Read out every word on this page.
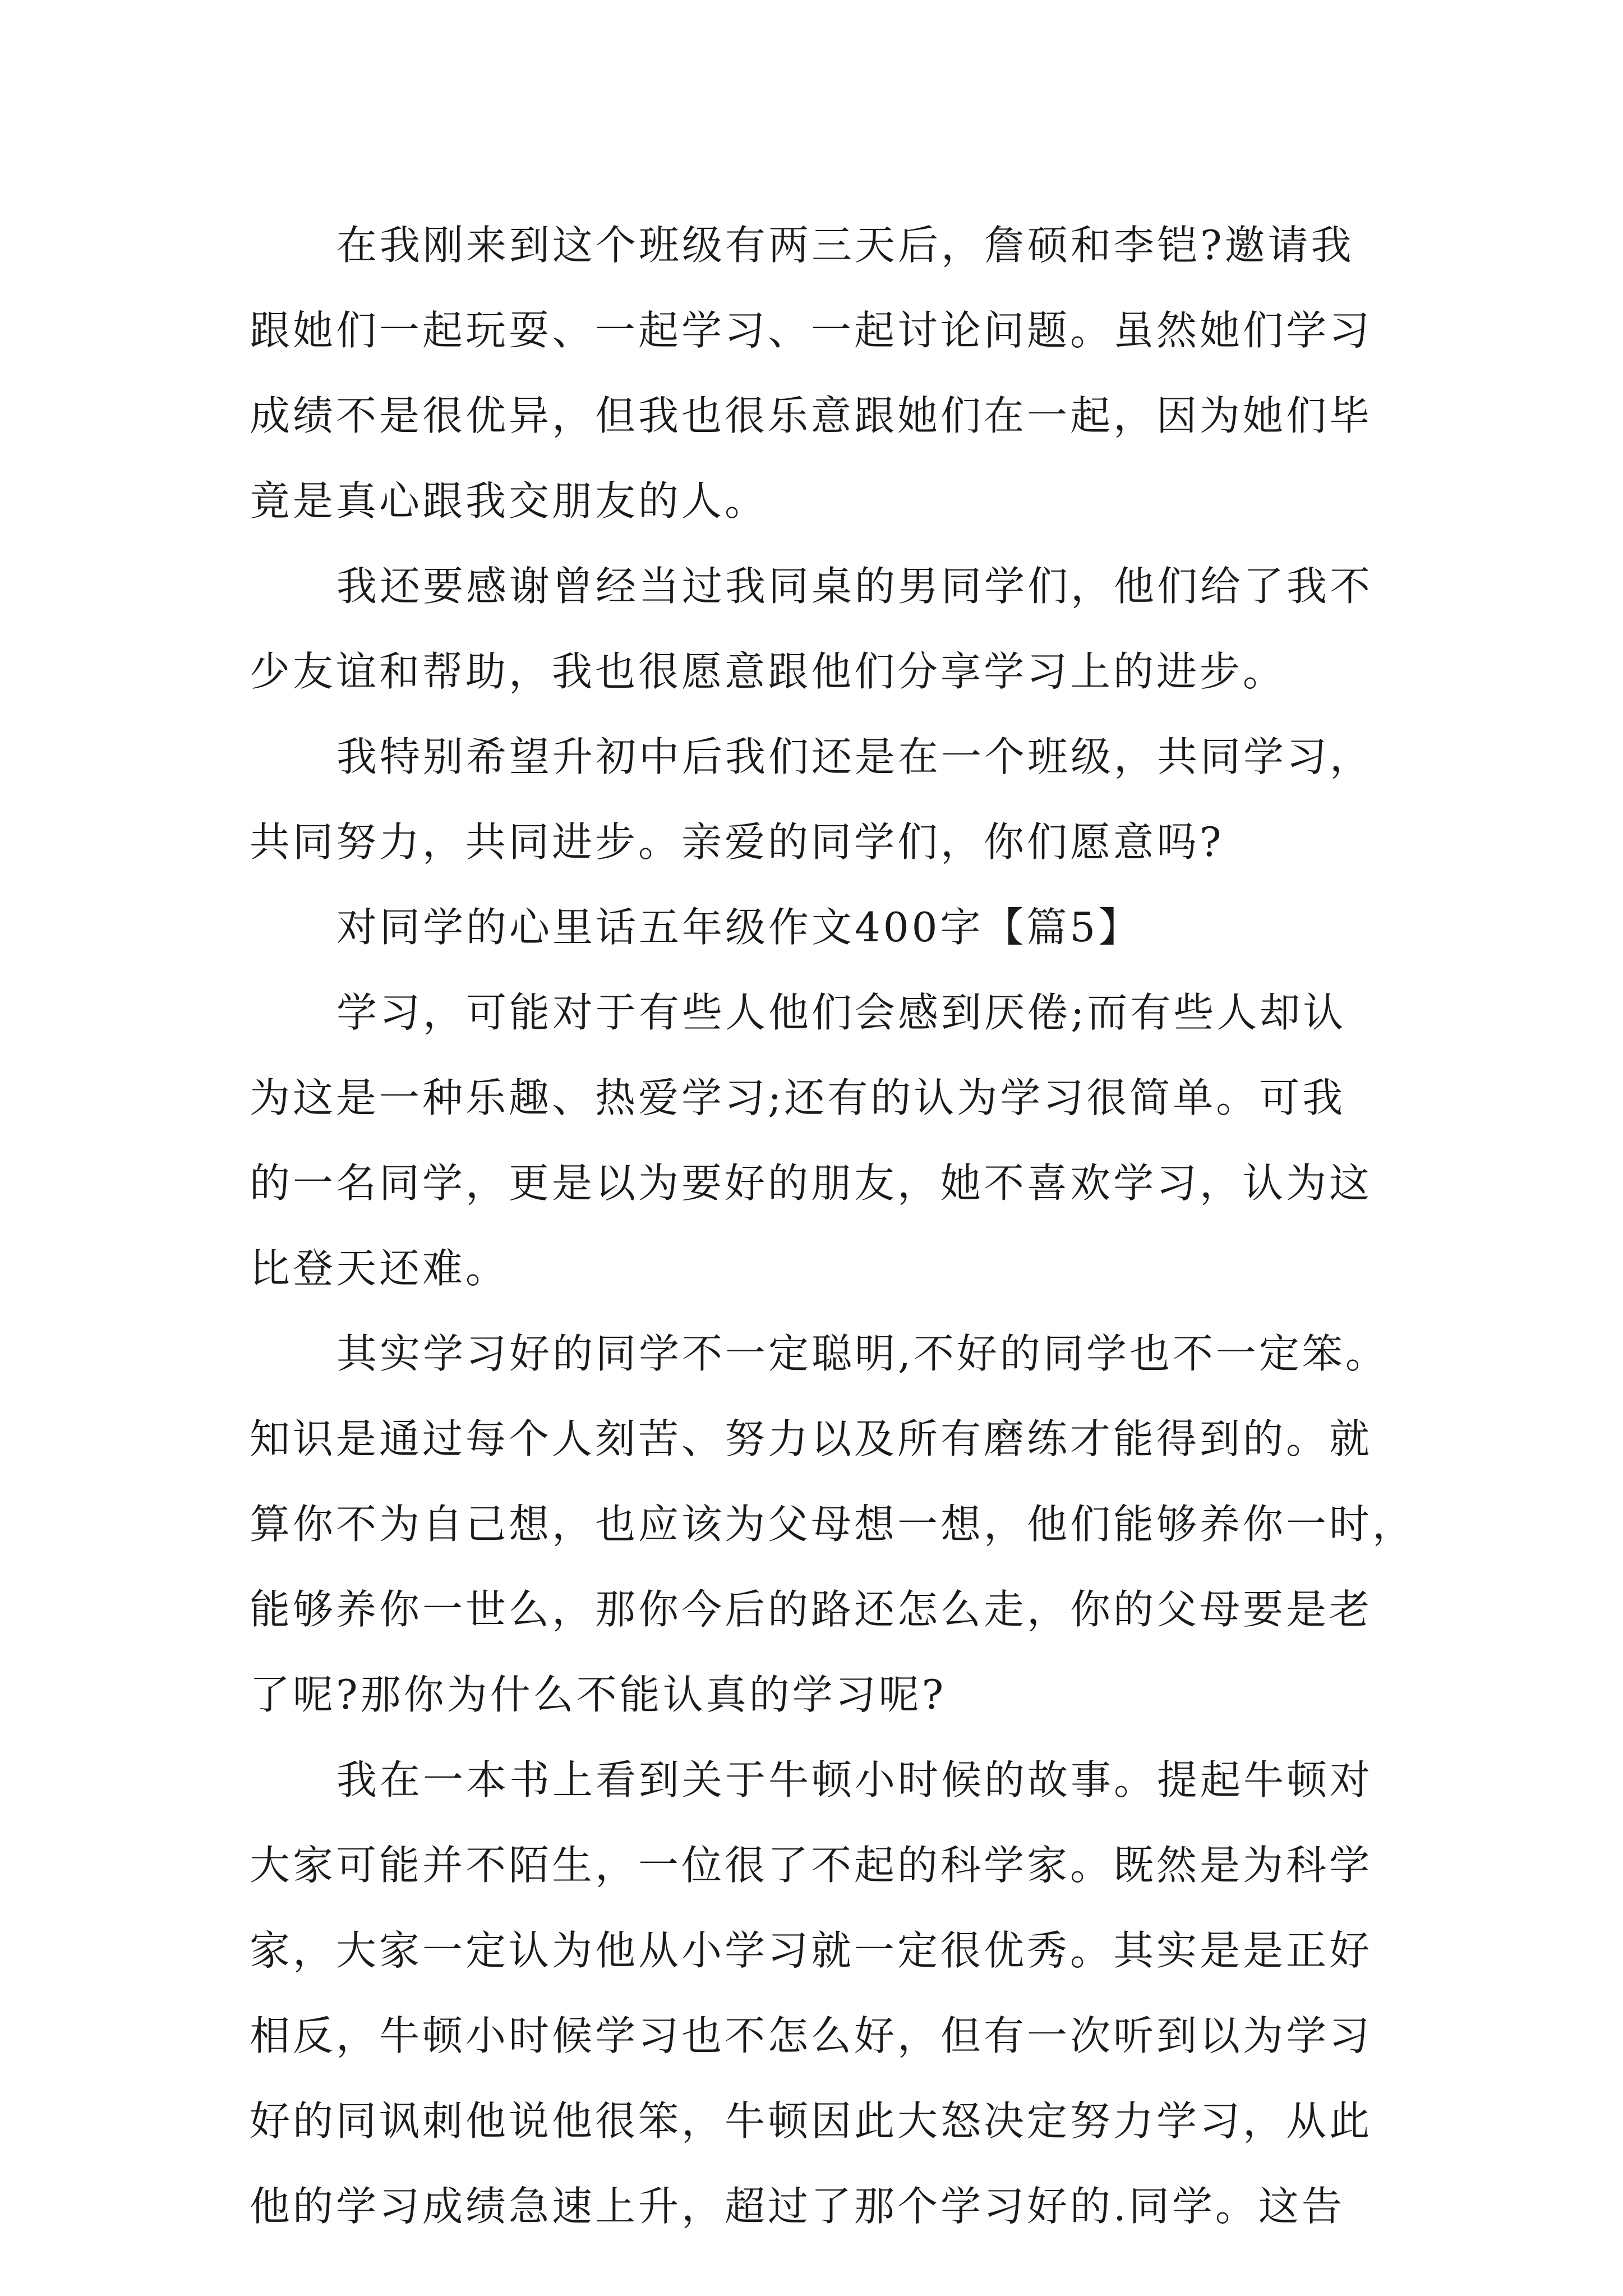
在我刚来到这个班级有两三天后，詹硕和李铠?邀请我

跟她们一起玩耍、一起学习、一起讨论问题。虽然她们学习

成绩不是很优异，但我也很乐意跟她们在一起，因为她们毕

竟是真心跟我交朋友的人。

我还要感谢曾经当过我同桌的男同学们，他们给了我不

少友谊和帮助，我也很愿意跟他们分享学习上的进步。

我特别希望升初中后我们还是在一个班级，共同学习，

共同努力，共同进步。亲爱的同学们，你们愿意吗?

对同学的心里话五年级作文400字【篇5】

学习，可能对于有些人他们会感到厌倦;而有些人却认

为这是一种乐趣、热爱学习;还有的认为学习很简单。可我

的一名同学，更是以为要好的朋友，她不喜欢学习，认为这

比登天还难。

其实学习好的同学不一定聪明,不好的同学也不一定笨。

知识是通过每个人刻苦、努力以及所有磨练才能得到的。就

算你不为自己想，也应该为父母想一想，他们能够养你一时，

能够养你一世么，那你今后的路还怎么走，你的父母要是老

了呢?那你为什么不能认真的学习呢?

我在一本书上看到关于牛顿小时候的故事。提起牛顿对

大家可能并不陌生，一位很了不起的科学家。既然是为科学

家，大家一定认为他从小学习就一定很优秀。其实是是正好

相反，牛顿小时候学习也不怎么好，但有一次听到以为学习

好的同讽刺他说他很笨，牛顿因此大怒决定努力学习，从此

他的学习成绩急速上升，超过了那个学习好的.同学。这告
